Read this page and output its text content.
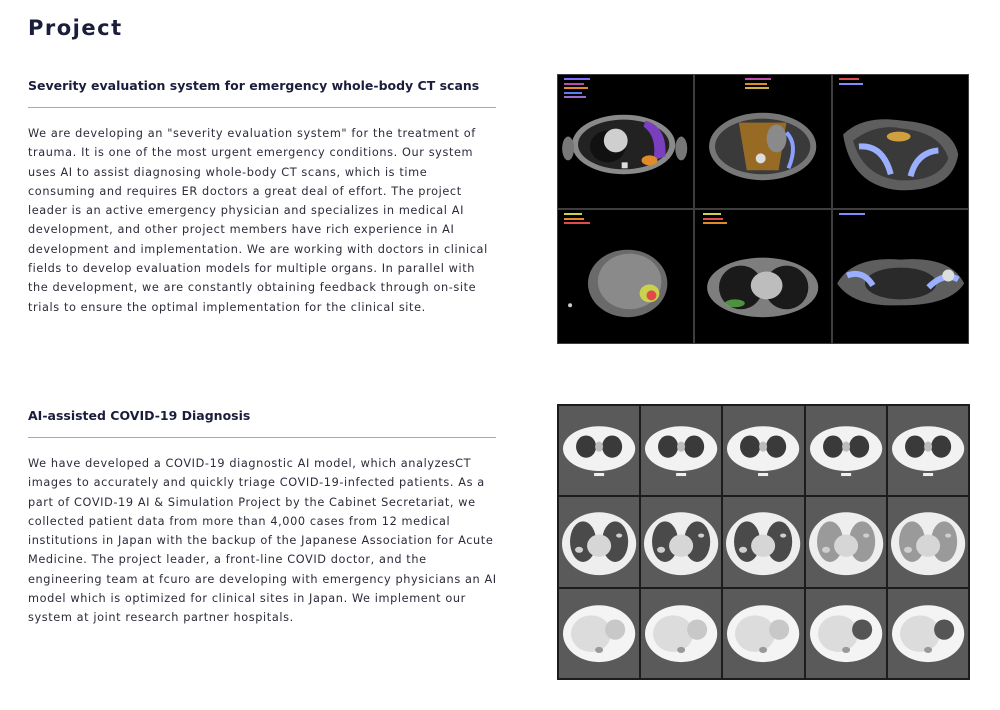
Project
Severity evaluation system for emergency whole-body CT scans

We are developing an "severity evaluation system" for the treatment of trauma. It is one of the most urgent emergency conditions. Our system uses AI to assist diagnosing whole-body CT scans, which is time consuming and requires ER doctors a great deal of effort. The project leader is an active emergency physician and specializes in medical AI development, and other project members have rich experience in AI development and implementation. We are working with doctors in clinical fields to develop evaluation models for multiple organs. In parallel with the development, we are constantly obtaining feedback through on-site trials to ensure the optimal implementation for the clinical site.

AI-assisted COVID-19 Diagnosis

We have developed a COVID-19 diagnostic AI model, which analyzesCT images to accurately and quickly triage COVID-19-infected patients. As a part of COVID-19 AI & Simulation Project by the Cabinet Secretariat, we collected patient data from more than 4,000 cases from 12 medical institutions in Japan with the backup of the Japanese Association for Acute Medicine. The project leader, a front-line COVID doctor, and the engineering team at fcuro are developing with emergency physicians an AI model which is optimized for clinical sites in Japan. We implement our system at joint research partner hospitals.
